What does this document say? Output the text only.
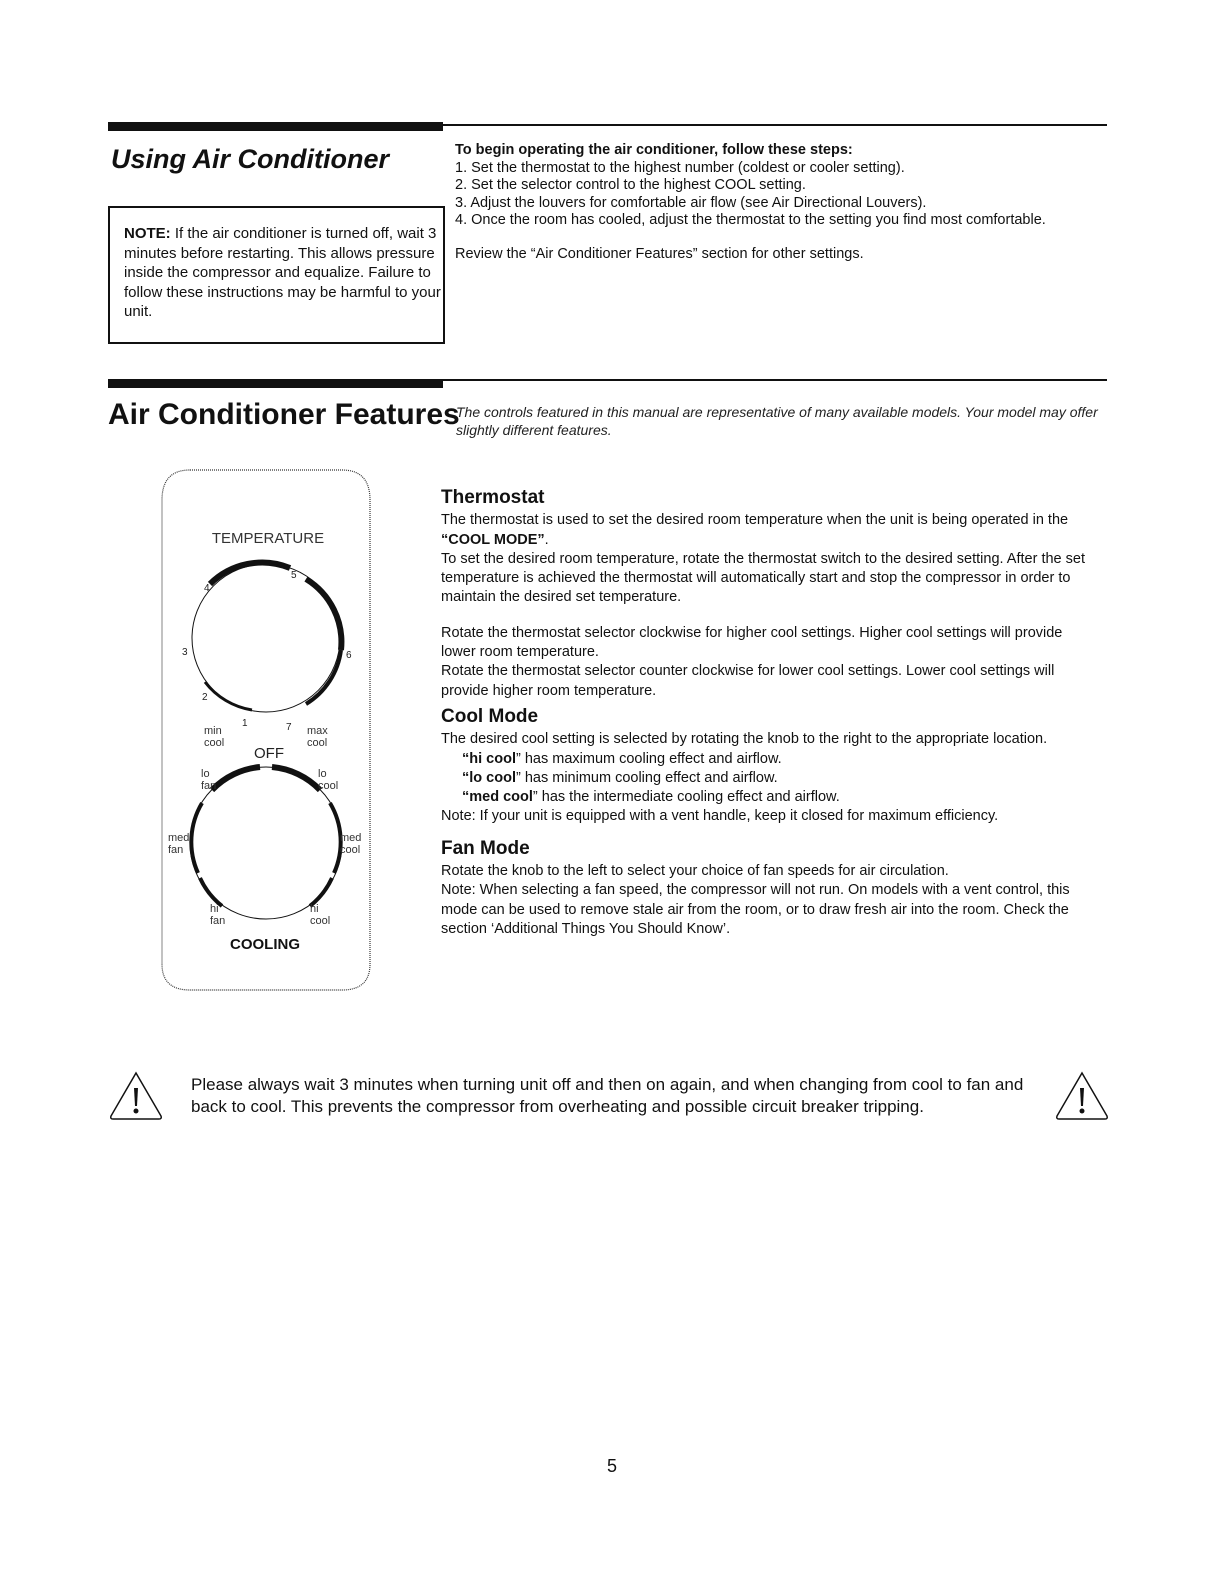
Using Air Conditioner
NOTE: If the air conditioner is turned off, wait 3 minutes before restarting. This allows pressure inside the compressor and equalize. Failure to follow these instructions may be harmful to your unit.
To begin operating the air conditioner, follow these steps:
1. Set the thermostat to the highest number (coldest or cooler setting).
2. Set the selector control to the highest COOL setting.
3. Adjust the louvers for comfortable air flow (see Air Directional Louvers).
4. Once the room has cooled, adjust the thermostat to the setting you find most comfortable.
Review the “Air Conditioner Features” section for other settings.
Air Conditioner Features
The controls featured in this manual are representative of many available models. Your model may offer slightly different features.
TEMPERATURE
1
2
3
4
5
6
7
min
cool
max
cool
OFF
lo
fan
lo
cool
med
fan
med
cool
hi
fan
hi
cool
COOLING
Thermostat

The thermostat is used to set the desired room temperature when the unit is being operated in the “COOL MODE”.

To set the desired room temperature, rotate the thermostat switch to the desired setting. After the set temperature is achieved the thermostat will automatically start and stop the compressor in order to maintain the desired set temperature.

Rotate the thermostat selector clockwise for higher cool settings. Higher cool settings will provide lower room temperature.

Rotate the thermostat selector counter clockwise for lower cool settings. Lower cool settings will provide higher room temperature.

Cool Mode

The desired cool setting is selected by rotating the knob to the right to the appropriate location.

“hi cool” has maximum cooling effect and airflow.

“lo cool” has minimum cooling effect and airflow.

“med cool” has the intermediate cooling effect and airflow.

Note: If your unit is equipped with a vent handle, keep it closed for maximum efficiency.

Fan Mode

Rotate the knob to the left to select your choice of fan speeds for air circulation.

Note: When selecting a fan speed, the compressor will not run. On models with a vent control, this mode can be used to remove stale air from the room, or to draw fresh air into the room. Check the section ‘Additional Things You Should Know’.

Please always wait 3 minutes when turning unit off and then on again, and when changing from cool to fan and back to cool. This prevents the compressor from overheating and possible circuit breaker tripping.
5
